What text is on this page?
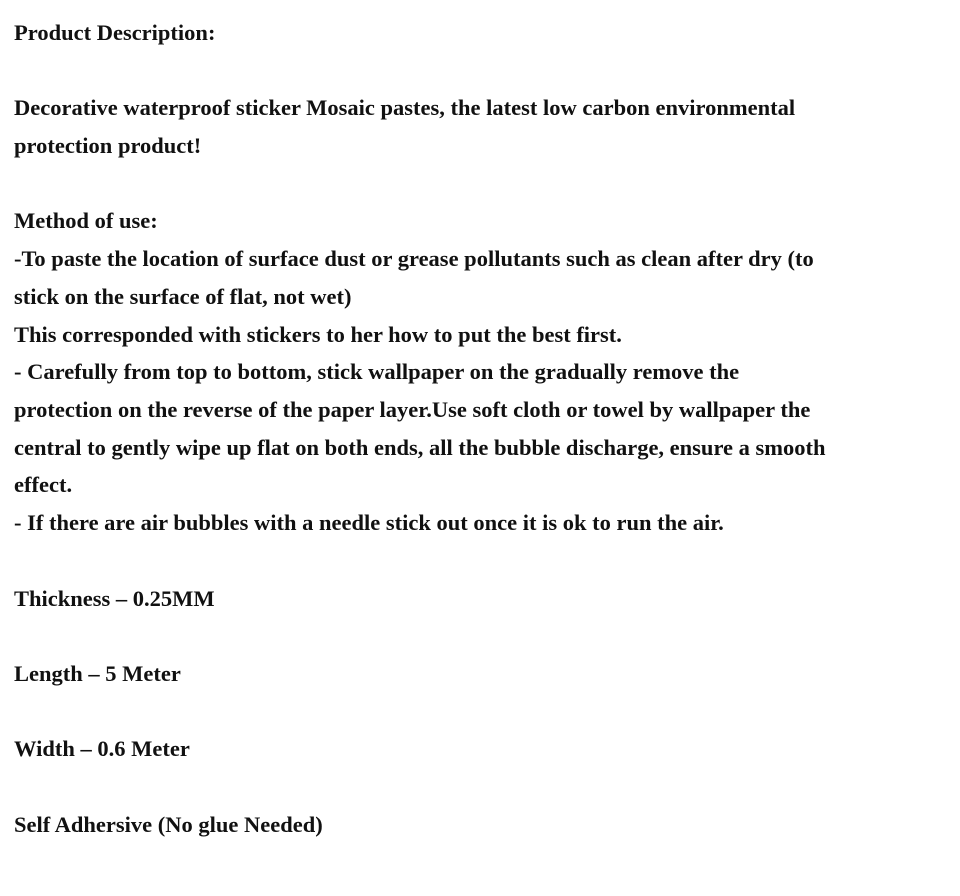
Product Description:
Decorative waterproof sticker Mosaic pastes, the latest low carbon environmental
protection product!
Method of use:
-To paste the location of surface dust or grease pollutants such as clean after dry (to
stick on the surface of flat, not wet)
This corresponded with stickers to her how to put the best first.
- Carefully from top to bottom, stick wallpaper on the gradually remove the
protection on the reverse of the paper layer.Use soft cloth or towel by wallpaper the
central to gently wipe up flat on both ends, all the bubble discharge, ensure a smooth
effect.
- If there are air bubbles with a needle stick out once it is ok to run the air.
Thickness – 0.25MM
Length – 5 Meter
Width – 0.6 Meter
Self Adhersive (No glue Needed)
